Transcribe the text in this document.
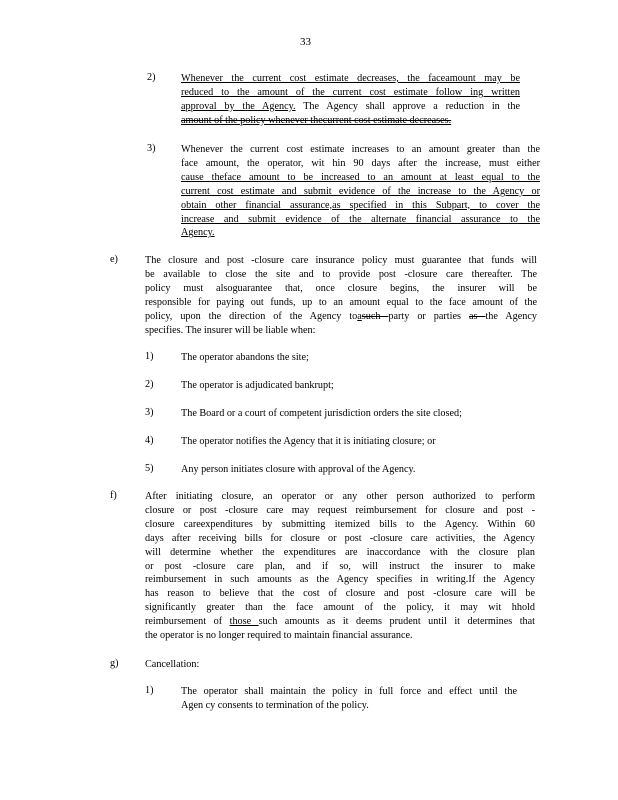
33
2)	Whenever the current cost estimate decreases, the faceamount may be
reduced to the amount of the current cost estimate follow ing written
approval by the Agency. The Agency shall approve a reduction in the
amount of the policy whenever thecurrent cost estimate decreases.
3)	Whenever the current cost estimate increases to an amount greater than the
face amount, the operator, wit hin 90 days after the increase, must either
cause theface amount to be increased to an amount at least equal to the
current cost estimate and submit evidence of the increase to the Agency or
obtain other financial assurance,as specified in this Subpart, to cover the
increase and submit evidence of the alternate financial assurance to the
Agency.
e)	The closure and post -closure care insurance policy must guarantee that funds will
be available to close the site and to provide post -closure care thereafter. The
policy must alsoguarantee that, once closure begins, the insurer will be
responsible for paying out funds, up to an amount equal to the face amount of the
policy, upon the direction of the Agency toasuch party or parties as the Agency
specifies. The insurer will be liable when:
1)	The operator abandons the site;
2)	The operator is adjudicated bankrupt;
3)	The Board or a court of competent jurisdiction orders the site closed;
4)	The operator notifies the Agency that it is initiating closure; or
5)	Any person initiates closure with approval of the Agency.
f)	After initiating closure, an operator or any other person authorized to perform
closure or post -closure care may request reimbursement for closure and post -
closure careexpenditures by submitting itemized bills to the Agency. Within 60
days after receiving bills for closure or post -closure care activities, the Agency
will determine whether the expenditures are inaccordance with the closure plan
or post -closure care plan, and if so, will instruct the insurer to make
reimbursement in such amounts as the Agency specifies in writing.If the Agency
has reason to believe that the cost of closure and post -closure care will be
significantly greater than the face amount of the policy, it may wit hhold
reimbursement of those such amounts as it deems prudent until it determines that
the operator is no longer required to maintain financial assurance.
g)	Cancellation:
1)	The operator shall maintain the policy in full force and effect until the
Agen cy consents to termination of the policy.
